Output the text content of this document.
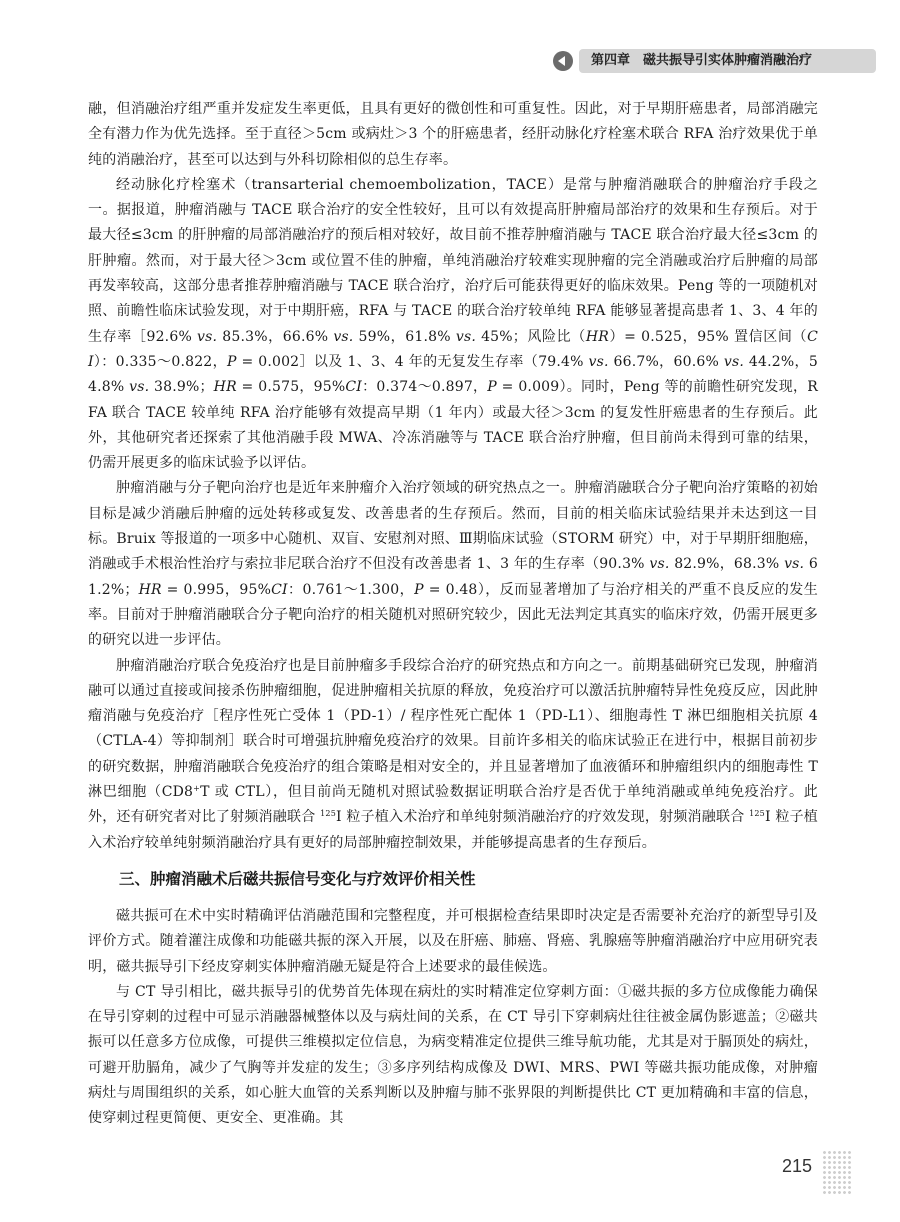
第四章　磁共振导引实体肿瘤消融治疗

融，但消融治疗组严重并发症发生率更低，且具有更好的微创性和可重复性。因此，对于早期肝癌患者，局部消融完全有潜力作为优先选择。至于直径＞5cm 或病灶＞3 个的肝癌患者，经肝动脉化疗栓塞术联合 RFA 治疗效果优于单纯的消融治疗，甚至可以达到与外科切除相似的总生存率。

经动脉化疗栓塞术（transarterial chemoembolization，TACE）是常与肿瘤消融联合的肿瘤治疗手段之一。据报道，肿瘤消融与 TACE 联合治疗的安全性较好，且可以有效提高肝肿瘤局部治疗的效果和生存预后。对于最大径≤3cm 的肝肿瘤的局部消融治疗的预后相对较好，故目前不推荐肿瘤消融与 TACE 联合治疗最大径≤3cm 的肝肿瘤。然而，对于最大径＞3cm 或位置不佳的肿瘤，单纯消融治疗较难实现肿瘤的完全消融或治疗后肿瘤的局部再发率较高，这部分患者推荐肿瘤消融与 TACE 联合治疗，治疗后可能获得更好的临床效果。Peng 等的一项随机对照、前瞻性临床试验发现，对于中期肝癌，RFA 与 TACE 的联合治疗较单纯 RFA 能够显著提高患者 1、3、4 年的生存率［92.6% vs. 85.3%，66.6% vs. 59%，61.8% vs. 45%；风险比（HR）= 0.525，95% 置信区间（CI）：0.335～0.822，P = 0.002］以及 1、3、4 年的无复发生存率（79.4% vs. 66.7%，60.6% vs. 44.2%，54.8% vs. 38.9%；HR = 0.575，95%CI：0.374～0.897，P = 0.009）。同时，Peng 等的前瞻性研究发现，RFA 联合 TACE 较单纯 RFA 治疗能够有效提高早期（1 年内）或最大径＞3cm 的复发性肝癌患者的生存预后。此外，其他研究者还探索了其他消融手段 MWA、冷冻消融等与 TACE 联合治疗肿瘤，但目前尚未得到可靠的结果，仍需开展更多的临床试验予以评估。

肿瘤消融与分子靶向治疗也是近年来肿瘤介入治疗领域的研究热点之一。肿瘤消融联合分子靶向治疗策略的初始目标是减少消融后肿瘤的远处转移或复发、改善患者的生存预后。然而，目前的相关临床试验结果并未达到这一目标。Bruix 等报道的一项多中心随机、双盲、安慰剂对照、Ⅲ期临床试验（STORM 研究）中，对于早期肝细胞癌，消融或手术根治性治疗与索拉非尼联合治疗不但没有改善患者 1、3 年的生存率（90.3% vs. 82.9%，68.3% vs. 61.2%；HR = 0.995，95%CI：0.761～1.300，P = 0.48），反而显著增加了与治疗相关的严重不良反应的发生率。目前对于肿瘤消融联合分子靶向治疗的相关随机对照研究较少，因此无法判定其真实的临床疗效，仍需开展更多的研究以进一步评估。

肿瘤消融治疗联合免疫治疗也是目前肿瘤多手段综合治疗的研究热点和方向之一。前期基础研究已发现，肿瘤消融可以通过直接或间接杀伤肿瘤细胞，促进肿瘤相关抗原的释放，免疫治疗可以激活抗肿瘤特异性免疫反应，因此肿瘤消融与免疫治疗［程序性死亡受体 1（PD-1）/ 程序性死亡配体 1（PD-L1）、细胞毒性 T 淋巴细胞相关抗原 4（CTLA-4）等抑制剂］联合时可增强抗肿瘤免疫治疗的效果。目前许多相关的临床试验正在进行中，根据目前初步的研究数据，肿瘤消融联合免疫治疗的组合策略是相对安全的，并且显著增加了血液循环和肿瘤组织内的细胞毒性 T 淋巴细胞（CD8+T 或 CTL），但目前尚无随机对照试验数据证明联合治疗是否优于单纯消融或单纯免疫治疗。此外，还有研究者对比了射频消融联合 $^{125}$I 粒子植入术治疗和单纯射频消融治疗的疗效发现，射频消融联合 $^{125}$I 粒子植入术治疗较单纯射频消融治疗具有更好的局部肿瘤控制效果，并能够提高患者的生存预后。

三、肿瘤消融术后磁共振信号变化与疗效评价相关性

磁共振可在术中实时精确评估消融范围和完整程度，并可根据检查结果即时决定是否需要补充治疗的新型导引及评价方式。随着灌注成像和功能磁共振的深入开展，以及在肝癌、肺癌、肾癌、乳腺癌等肿瘤消融治疗中应用研究表明，磁共振导引下经皮穿刺实体肿瘤消融无疑是符合上述要求的最佳候选。

与 CT 导引相比，磁共振导引的优势首先体现在病灶的实时精准定位穿刺方面：①磁共振的多方位成像能力确保在导引穿刺的过程中可显示消融器械整体以及与病灶间的关系，在 CT 导引下穿刺病灶往往被金属伪影遮盖；②磁共振可以任意多方位成像，可提供三维模拟定位信息，为病变精准定位提供三维导航功能，尤其是对于膈顶处的病灶，可避开肋膈角，减少了气胸等并发症的发生；③多序列结构成像及 DWI、MRS、PWI 等磁共振功能成像，对肿瘤病灶与周围组织的关系，如心脏大血管的关系判断以及肿瘤与肺不张界限的判断提供比 CT 更加精确和丰富的信息，使穿刺过程更简便、更安全、更准确。其

215
